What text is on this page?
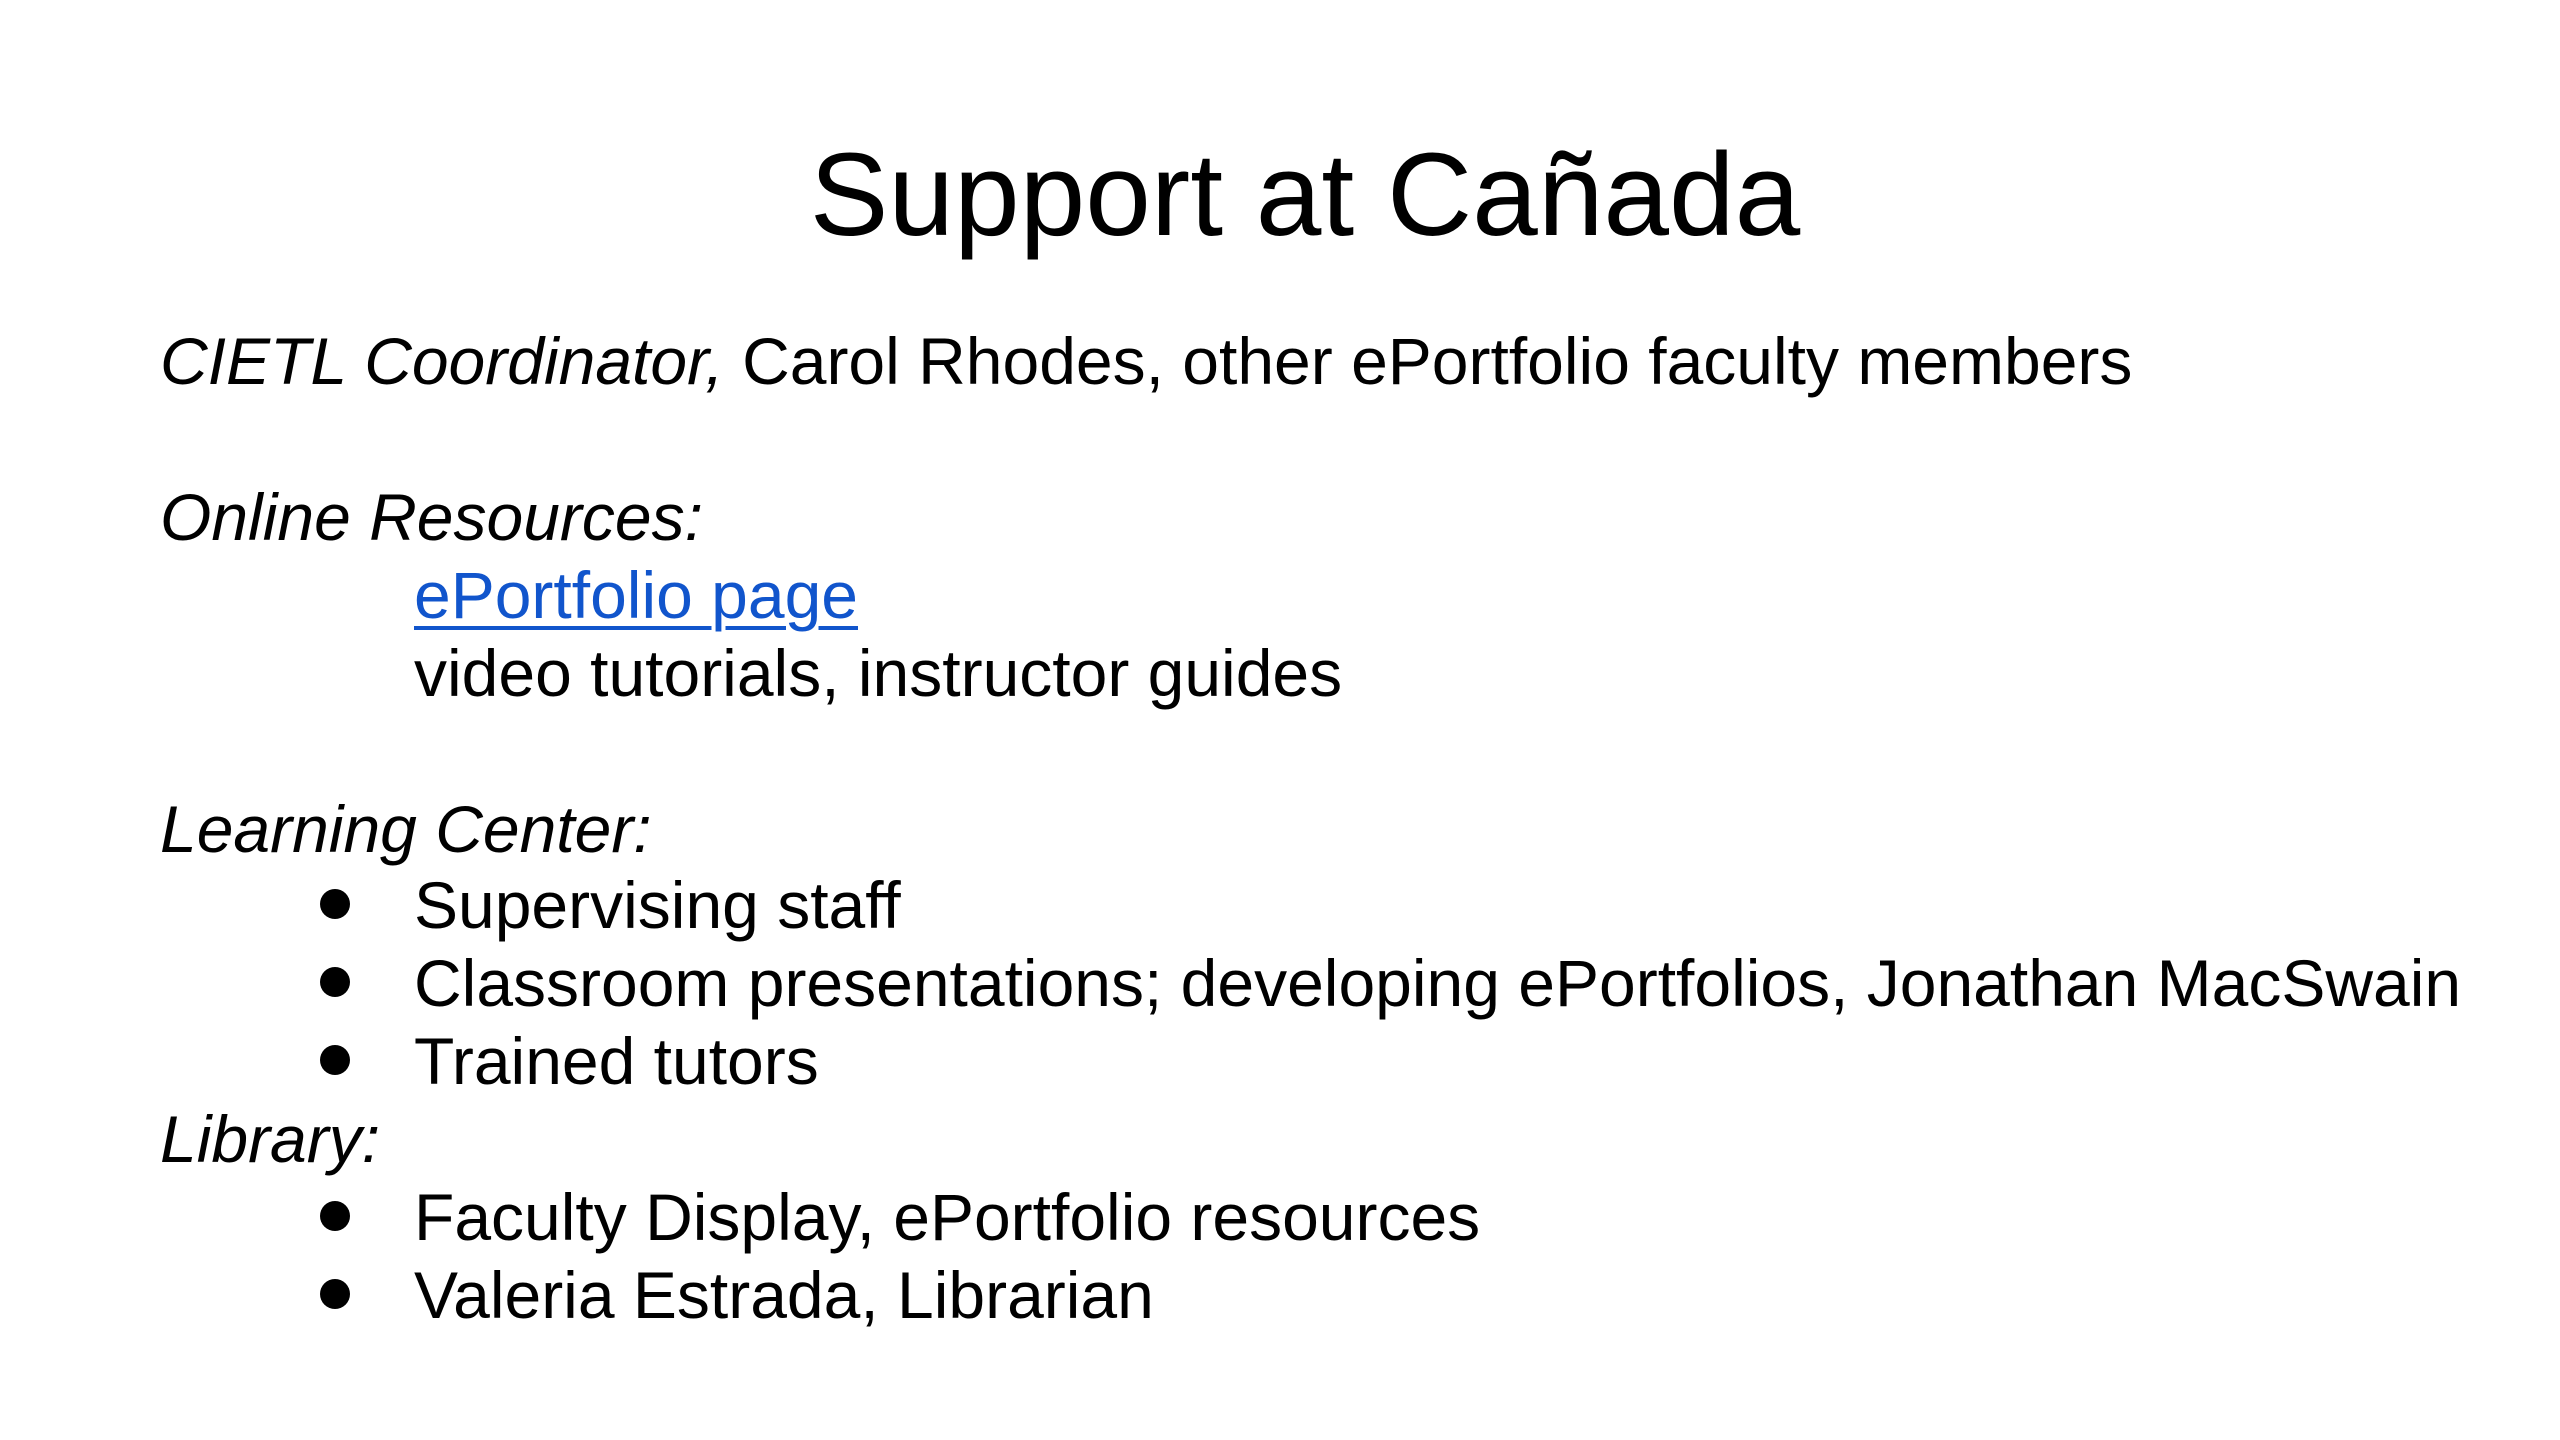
Support at Cañada
CIETL Coordinator, Carol Rhodes, other ePortfolio faculty members
Online Resources:
ePortfolio page
video tutorials, instructor guides
Learning Center:
Supervising staff
Classroom presentations; developing ePortfolios, Jonathan MacSwain
Trained tutors
Library:
Faculty Display, ePortfolio resources
Valeria Estrada, Librarian
